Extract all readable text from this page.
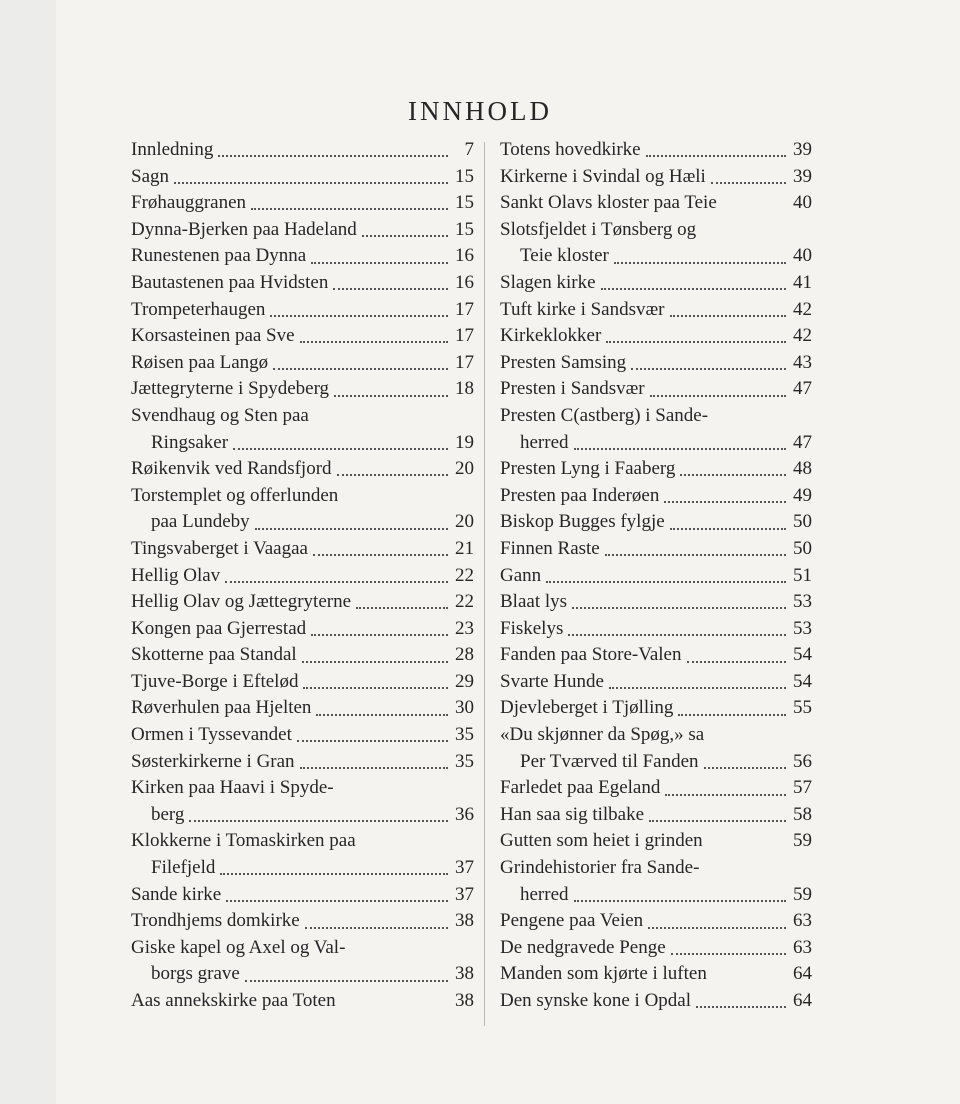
INNHOLD
Innledning	7
Sagn	15
Frøhauggranen	15
Dynna-Bjerken paa Hadeland	15
Runestenen paa Dynna	16
Bautastenen paa Hvidsten	16
Trompeterhaugen	17
Korsasteinen paa Sve	17
Røisen paa Langø	17
Jættegryterne i Spydeberg	18
Svendhaug og Sten paa
Ringsaker	19
Røikenvik ved Randsfjord	20
Torstemplet og offerlunden
paa Lundeby	20
Tingsvaberget i Vaagaa	21
Hellig Olav	22
Hellig Olav og Jættegryterne	22
Kongen paa Gjerrestad	23
Skotterne paa Standal	28
Tjuve-Borge i Eftelød	29
Røverhulen paa Hjelten	30
Ormen i Tyssevandet	35
Søsterkirkerne i Gran	35
Kirken paa Haavi i Spyde-
berg	36
Klokkerne i Tomaskirken paa
Filefjeld	37
Sande kirke	37
Trondhjems domkirke	38
Giske kapel og Axel og Val-
borgs grave	38
Aas annekskirke paa Toten	38
Totens hovedkirke	39
Kirkerne i Svindal og Hæli	39
Sankt Olavs kloster paa Teie	40
Slotsfjeldet i Tønsberg og
Teie kloster	40
Slagen kirke	41
Tuft kirke i Sandsvær	42
Kirkeklokker	42
Presten Samsing	43
Presten i Sandsvær	47
Presten C(astberg) i Sande-
herred	47
Presten Lyng i Faaberg	48
Presten paa Inderøen	49
Biskop Bugges fylgje	50
Finnen Raste	50
Gann	51
Blaat lys	53
Fiskelys	53
Fanden paa Store-Valen	54
Svarte Hunde	54
Djevleberget i Tjølling	55
«Du skjønner da Spøg,» sa
Per Tværved til Fanden	56
Farledet paa Egeland	57
Han saa sig tilbake	58
Gutten som heiet i grinden	59
Grindehistorier fra Sande-
herred	59
Pengene paa Veien	63
De nedgravede Penge	63
Manden som kjørte i luften	64
Den synske kone i Opdal	64
